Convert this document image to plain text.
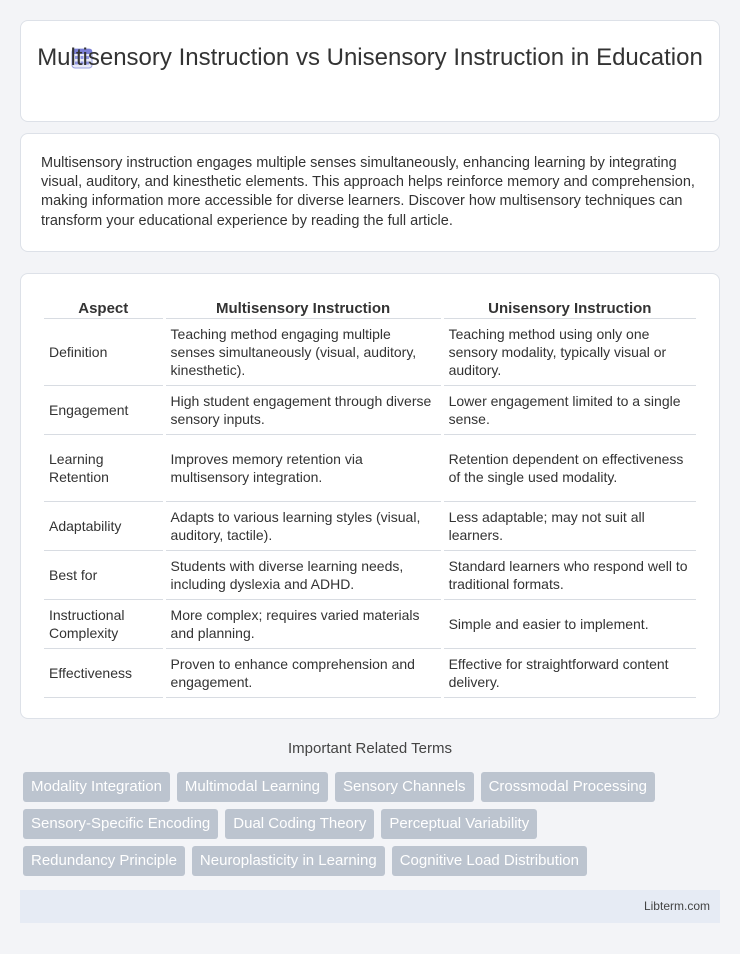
Multisensory Instruction vs Unisensory Instruction in Education

Multisensory instruction engages multiple senses simultaneously, enhancing learning by integrating visual, auditory, and kinesthetic elements. This approach helps reinforce memory and comprehension, making information more accessible for diverse learners. Discover how multisensory techniques can transform your educational experience by reading the full article.

Aspect	Multisensory Instruction	Unisensory Instruction
Definition	Teaching method engaging multiple senses simultaneously (visual, auditory, kinesthetic).	Teaching method using only one sensory modality, typically visual or auditory.
Engagement	High student engagement through diverse sensory inputs.	Lower engagement limited to a single sense.
Learning Retention	Improves memory retention via multisensory integration.	Retention dependent on effectiveness of the single used modality.
Adaptability	Adapts to various learning styles (visual, auditory, tactile).	Less adaptable; may not suit all learners.
Best for	Students with diverse learning needs, including dyslexia and ADHD.	Standard learners who respond well to traditional formats.
Instructional Complexity	More complex; requires varied materials and planning.	Simple and easier to implement.
Effectiveness	Proven to enhance comprehension and engagement.	Effective for straightforward content delivery.
Important Related Terms
Modality Integration	Multimodal Learning	Sensory Channels	Crossmodal Processing
Sensory-Specific Encoding	Dual Coding Theory	Perceptual Variability
Redundancy Principle	Neuroplasticity in Learning	Cognitive Load Distribution
Libterm.com
